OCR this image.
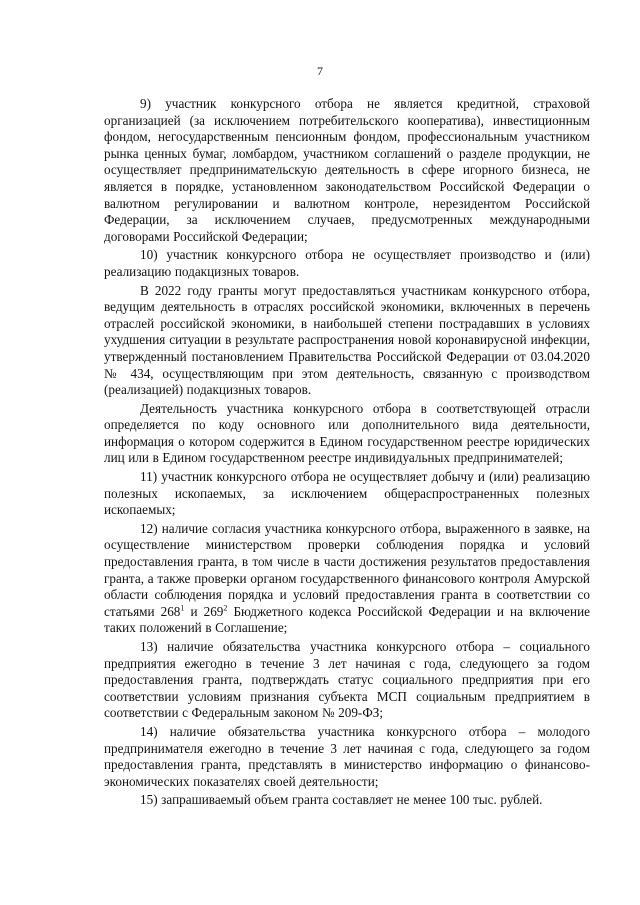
7

9) участник конкурсного отбора не является кредитной, страховой организацией (за исключением потребительского кооператива), инвестиционным фондом, негосударственным пенсионным фондом, профессиональным участником рынка ценных бумаг, ломбардом, участником соглашений о разделе продукции, не осуществляет предпринимательскую деятельность в сфере игорного бизнеса, не является в порядке, установленном законодательством Российской Федерации о валютном регулировании и валютном контроле, нерезидентом Российской Федерации, за исключением случаев, предусмотренных международными договорами Российской Федерации;

10) участник конкурсного отбора не осуществляет производство и (или) реализацию подакцизных товаров.

В 2022 году гранты могут предоставляться участникам конкурсного отбора, ведущим деятельность в отраслях российской экономики, включенных в перечень отраслей российской экономики, в наибольшей степени пострадавших в условиях ухудшения ситуации в результате распространения новой коронавирусной инфекции, утвержденный постановлением Правительства Российской Федерации от 03.04.2020 № 434, осуществляющим при этом деятельность, связанную с производством (реализацией) подакцизных товаров.

Деятельность участника конкурсного отбора в соответствующей отрасли определяется по коду основного или дополнительного вида деятельности, информация о котором содержится в Едином государственном реестре юридических лиц или в Едином государственном реестре индивидуальных предпринимателей;

11) участник конкурсного отбора не осуществляет добычу и (или) реализацию полезных ископаемых, за исключением общераспространенных полезных ископаемых;

12) наличие согласия участника конкурсного отбора, выраженного в заявке, на осуществление министерством проверки соблюдения порядка и условий предоставления гранта, в том числе в части достижения результатов предоставления гранта, а также проверки органом государственного финансового контроля Амурской области соблюдения порядка и условий предоставления гранта в соответствии со статьями $268^1$ и $269^2$ Бюджетного кодекса Российской Федерации и на включение таких положений в Соглашение;

13) наличие обязательства участника конкурсного отбора – социального предприятия ежегодно в течение 3 лет начиная с года, следующего за годом предоставления гранта, подтверждать статус социального предприятия при его соответствии условиям признания субъекта МСП социальным предприятием в соответствии с Федеральным законом № 209-ФЗ;

14) наличие обязательства участника конкурсного отбора – молодого предпринимателя ежегодно в течение 3 лет начиная с года, следующего за годом предоставления гранта, представлять в министерство информацию о финансово-экономических показателях своей деятельности;

15) запрашиваемый объем гранта составляет не менее 100 тыс. рублей.
